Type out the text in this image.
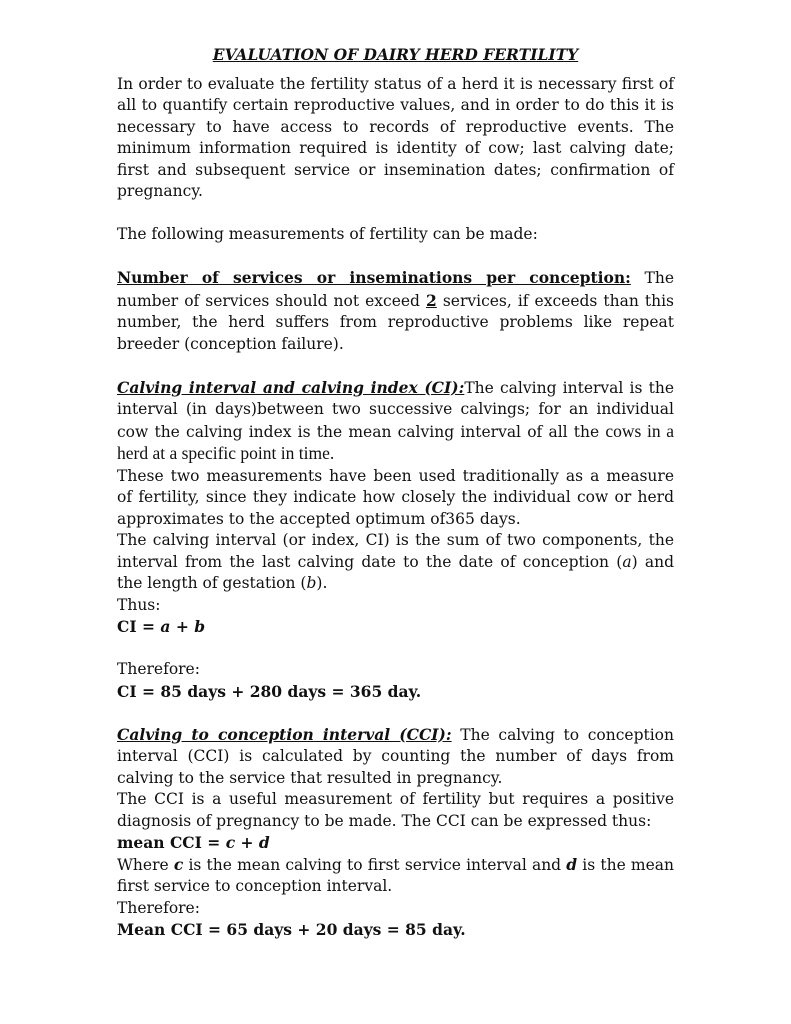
EVALUATION OF DAIRY HERD FERTILITY

In order to evaluate the fertility status of a herd it is necessary first of all to quantify certain reproductive values, and in order to do this it is necessary to have access to records of reproductive events. The minimum information required is identity of cow; last calving date; first and subsequent service or insemination dates; confirmation of pregnancy.

The following measurements of fertility can be made:

Number of services or inseminations per conception: The number of services should not exceed 2 services, if exceeds than this number, the herd suffers from reproductive problems like repeat breeder (conception failure).

Calving interval and calving index (CI):The calving interval is the interval (in days)between two successive calvings; for an individual cow the calving index is the mean calving interval of all the cows in a herd at a specific point in time.

These two measurements have been used traditionally as a measure of fertility, since they indicate how closely the individual cow or herd approximates to the accepted optimum of365 days.

The calving interval (or index, CI) is the sum of two components, the interval from the last calving date to the date of conception (a) and the length of gestation (b).

Thus:

CI = a + b

Therefore:

CI = 85 days + 280 days = 365 day.

Calving to conception interval (CCI): The calving to conception interval (CCI) is calculated by counting the number of days from calving to the service that resulted in pregnancy.

The CCI is a useful measurement of fertility but requires a positive diagnosis of pregnancy to be made. The CCI can be expressed thus:

mean CCI = c + d

Where c is the mean calving to first service interval and d is the mean first service to conception interval.

Therefore:

Mean CCI = 65 days + 20 days = 85 day.
